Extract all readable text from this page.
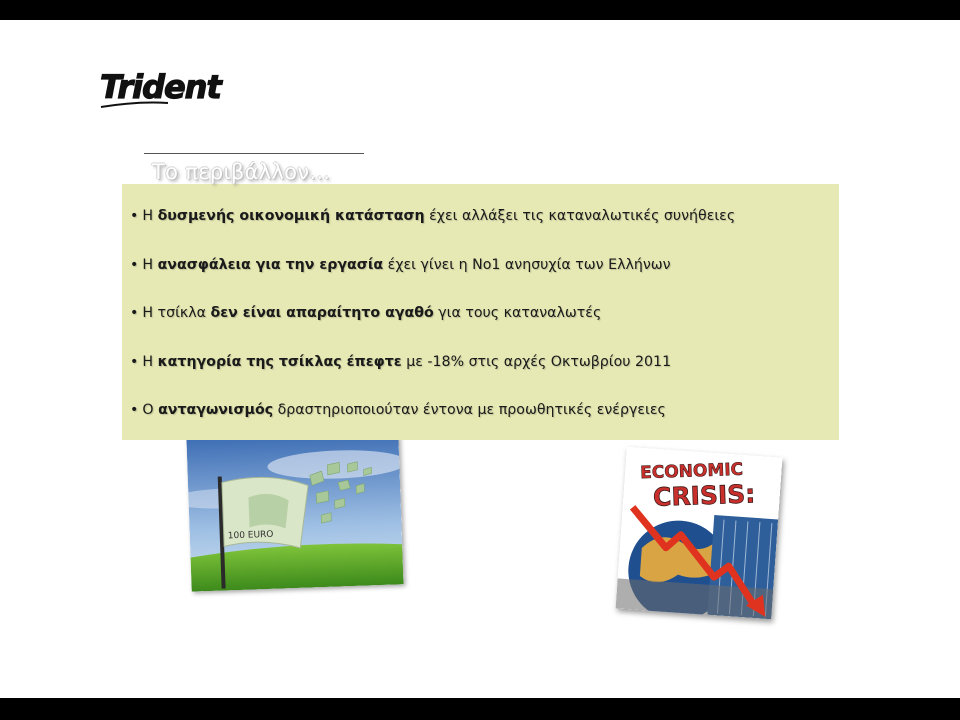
Trident
Το περιβάλλον...
• Η δυσμενής οικονομική κατάσταση έχει αλλάξει τις καταναλωτικές συνήθειες
• Η ανασφάλεια για την εργασία έχει γίνει η Νο1 ανησυχία των Ελλήνων
• Η τσίκλα δεν είναι απαραίτητο αγαθό για τους καταναλωτές
• Η κατηγορία της τσίκλας έπεφτε με -18% στις αρχές Οκτωβρίου 2011
• Ο ανταγωνισμός δραστηριοποιούταν έντονα με προωθητικές ενέργειες
100 EURO
ECONOMIC
CRISIS:
